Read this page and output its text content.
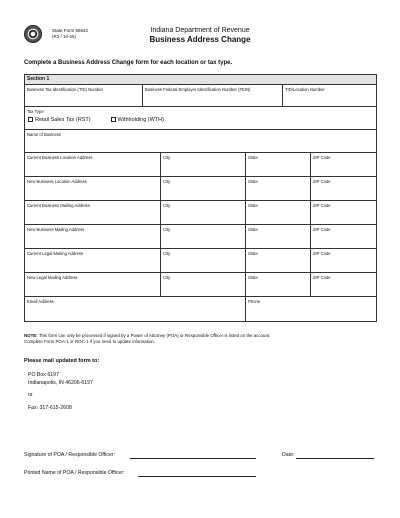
State Form 56842
(R2 / 10-25)
Indiana Department of Revenue
Business Address Change
Complete a Business Address Change form for each location or tax type.
Section 1
Business Tax Identification (TID) Number	Business Federal Employer Identification Number (FEIN)	TID/Location Number
Tax Type
Retail Sales Tax (RST)	Withholding (WTH)
Name of Business
Current Business Location Address	City	State	ZIP Code
New Business Location Address	City	State	ZIP Code
Current Business Mailing Address	City	State	ZIP Code
New Business Mailing Address	City	State	ZIP Code
Current Legal Mailing Address	City	State	ZIP Code
New Legal Mailing Address	City	State	ZIP Code
Email Address	Phone
NOTE: This form can only be processed if signed by a Power of Attorney (POA) or Responsible Officer is listed on the account.
Complete Form POA-1 or ROC-1 if you need to update information.
Please mail updated form to:
PO Box 6197
Indianapolis, IN 46206-6197
or
Fax: 317-615-2608
Signature of POA / Responsible Officer:	Date:
Printed Name of POA / Responsible Officer:
